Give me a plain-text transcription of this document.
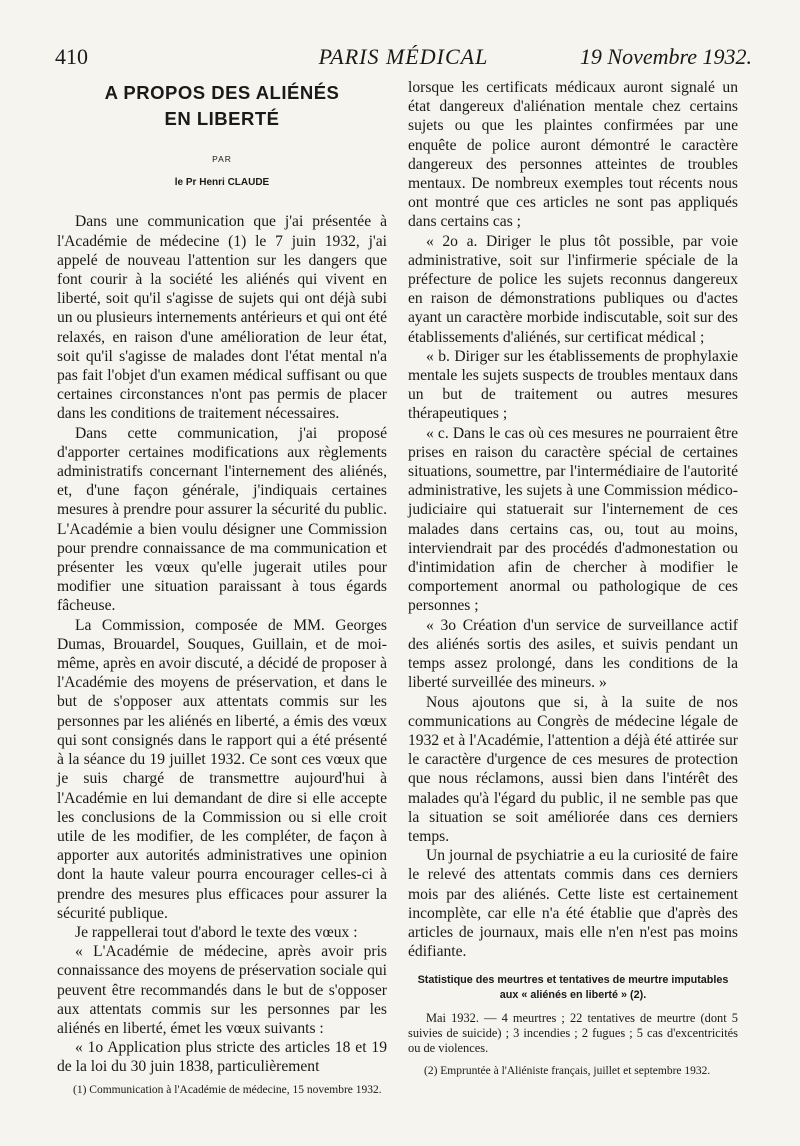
410	PARIS MÉDICAL	19 Novembre 1932.
A PROPOS DES ALIÉNÉS
EN LIBERTÉ
PAR
le Pr Henri CLAUDE

Dans une communication que j'ai présentée à l'Académie de médecine (1) le 7 juin 1932, j'ai appelé de nouveau l'attention sur les dangers que font courir à la société les aliénés qui vivent en liberté, soit qu'il s'agisse de sujets qui ont déjà subi un ou plusieurs internements antérieurs et qui ont été relaxés, en raison d'une amélioration de leur état, soit qu'il s'agisse de malades dont l'état mental n'a pas fait l'objet d'un examen médical suffisant ou que certaines circonstances n'ont pas permis de placer dans les conditions de traitement nécessaires.

Dans cette communication, j'ai proposé d'apporter certaines modifications aux règlements administratifs concernant l'internement des aliénés, et, d'une façon générale, j'indiquais certaines mesures à prendre pour assurer la sécurité du public. L'Académie a bien voulu désigner une Commission pour prendre connaissance de ma communication et présenter les vœux qu'elle jugerait utiles pour modifier une situation paraissant à tous égards fâcheuse.

La Commission, composée de MM. Georges Dumas, Brouardel, Souques, Guillain, et de moi-même, après en avoir discuté, a décidé de proposer à l'Académie des moyens de préservation, et dans le but de s'opposer aux attentats commis sur les personnes par les aliénés en liberté, a émis des vœux qui sont consignés dans le rapport qui a été présenté à la séance du 19 juillet 1932. Ce sont ces vœux que je suis chargé de transmettre aujourd'hui à l'Académie en lui demandant de dire si elle accepte les conclusions de la Commission ou si elle croit utile de les modifier, de les compléter, de façon à apporter aux autorités administratives une opinion dont la haute valeur pourra encourager celles-ci à prendre des mesures plus efficaces pour assurer la sécurité publique.

Je rappellerai tout d'abord le texte des vœux :

« L'Académie de médecine, après avoir pris connaissance des moyens de préservation sociale qui peuvent être recommandés dans le but de s'opposer aux attentats commis sur les personnes par les aliénés en liberté, émet les vœux suivants :

« 1o Application plus stricte des articles 18 et 19 de la loi du 30 juin 1838, particulièrement

(1) Communication à l'Académie de médecine, 15 novembre 1932.

lorsque les certificats médicaux auront signalé un état dangereux d'aliénation mentale chez certains sujets ou que les plaintes confirmées par une enquête de police auront démontré le caractère dangereux des personnes atteintes de troubles mentaux. De nombreux exemples tout récents nous ont montré que ces articles ne sont pas appliqués dans certains cas ;

« 2o a. Diriger le plus tôt possible, par voie administrative, soit sur l'infirmerie spéciale de la préfecture de police les sujets reconnus dangereux en raison de démonstrations publiques ou d'actes ayant un caractère morbide indiscutable, soit sur des établissements d'aliénés, sur certificat médical ;

« b. Diriger sur les établissements de prophylaxie mentale les sujets suspects de troubles mentaux dans un but de traitement ou autres mesures thérapeutiques ;

« c. Dans le cas où ces mesures ne pourraient être prises en raison du caractère spécial de certaines situations, soumettre, par l'intermédiaire de l'autorité administrative, les sujets à une Commission médico-judiciaire qui statuerait sur l'internement de ces malades dans certains cas, ou, tout au moins, interviendrait par des procédés d'admonestation ou d'intimidation afin de chercher à modifier le comportement anormal ou pathologique de ces personnes ;

« 3o Création d'un service de surveillance actif des aliénés sortis des asiles, et suivis pendant un temps assez prolongé, dans les conditions de la liberté surveillée des mineurs. »

Nous ajoutons que si, à la suite de nos communications au Congrès de médecine légale de 1932 et à l'Académie, l'attention a déjà été attirée sur le caractère d'urgence de ces mesures de protection que nous réclamons, aussi bien dans l'intérêt des malades qu'à l'égard du public, il ne semble pas que la situation se soit améliorée dans ces derniers temps.

Un journal de psychiatrie a eu la curiosité de faire le relevé des attentats commis dans ces derniers mois par des aliénés. Cette liste est certainement incomplète, car elle n'a été établie que d'après des articles de journaux, mais elle n'en n'est pas moins édifiante.

Statistique des meurtres et tentatives de meurtre imputables aux « aliénés en liberté » (2).

Mai 1932. — 4 meurtres ; 22 tentatives de meurtre (dont 5 suivies de suicide) ; 3 incendies ; 2 fugues ; 5 cas d'excentricités ou de violences.

(2) Empruntée à l'Aliéniste français, juillet et septembre 1932.
